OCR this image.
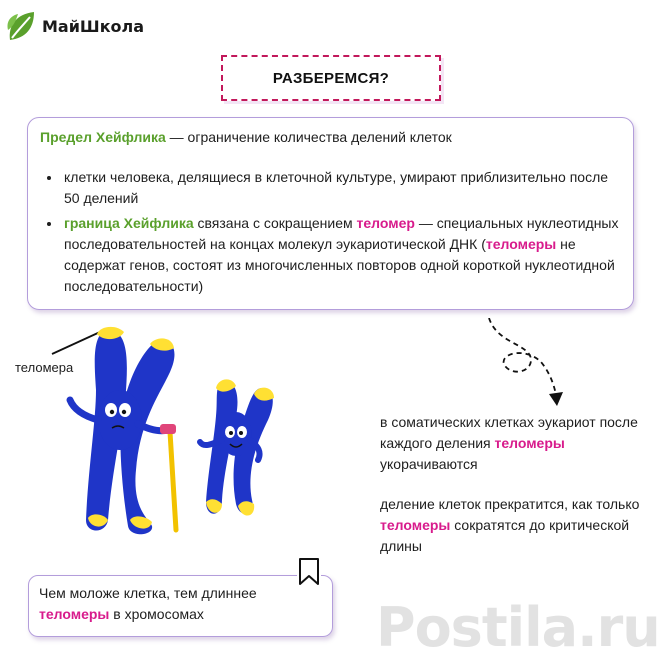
МайШкола
РАЗБЕРЕМСЯ?
Предел Хейфлика — ограничение количества делений клеток
• клетки человека, делящиеся в клеточной культуре, умирают приблизительно после 50 делений
• граница Хейфлика связана с сокращением теломер — специальных нуклеотидных последовательностей на концах молекул эукариотической ДНК (теломеры не содержат генов, состоят из многочисленных повторов одной короткой нуклеотидной последовательности)
теломера
в соматических клетках эукариот после каждого деления теломеры укорачиваются
деление клеток прекратится, как только теломеры сократятся до критической длины
Чем моложе клетка, тем длиннее теломеры в хромосомах	Postila.ru
